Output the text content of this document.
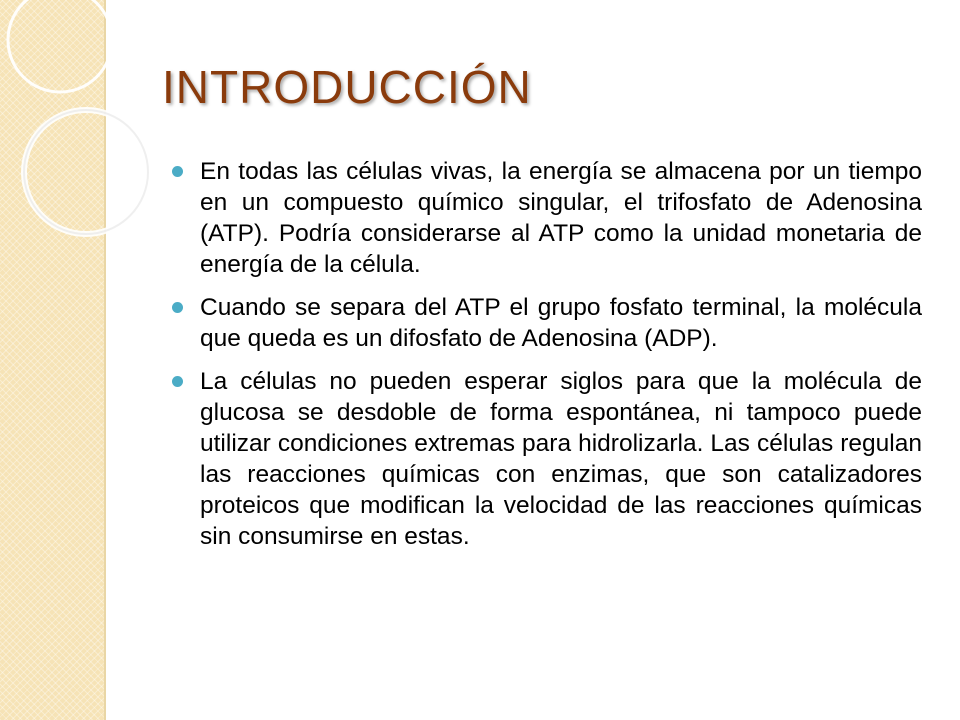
INTRODUCCIÓN
En todas las células vivas, la energía se almacena por un tiempo en un compuesto químico singular, el trifosfato de Adenosina (ATP). Podría considerarse al ATP como la unidad monetaria de energía de la célula.
Cuando se separa del ATP el grupo fosfato terminal, la molécula que queda es un difosfato de Adenosina (ADP).
La células no pueden esperar siglos para que la molécula de glucosa se desdoble de forma espontánea, ni tampoco puede utilizar condiciones extremas para hidrolizarla. Las células regulan las reacciones químicas con enzimas, que son catalizadores proteicos que modifican la velocidad de las reacciones químicas sin consumirse en estas.
